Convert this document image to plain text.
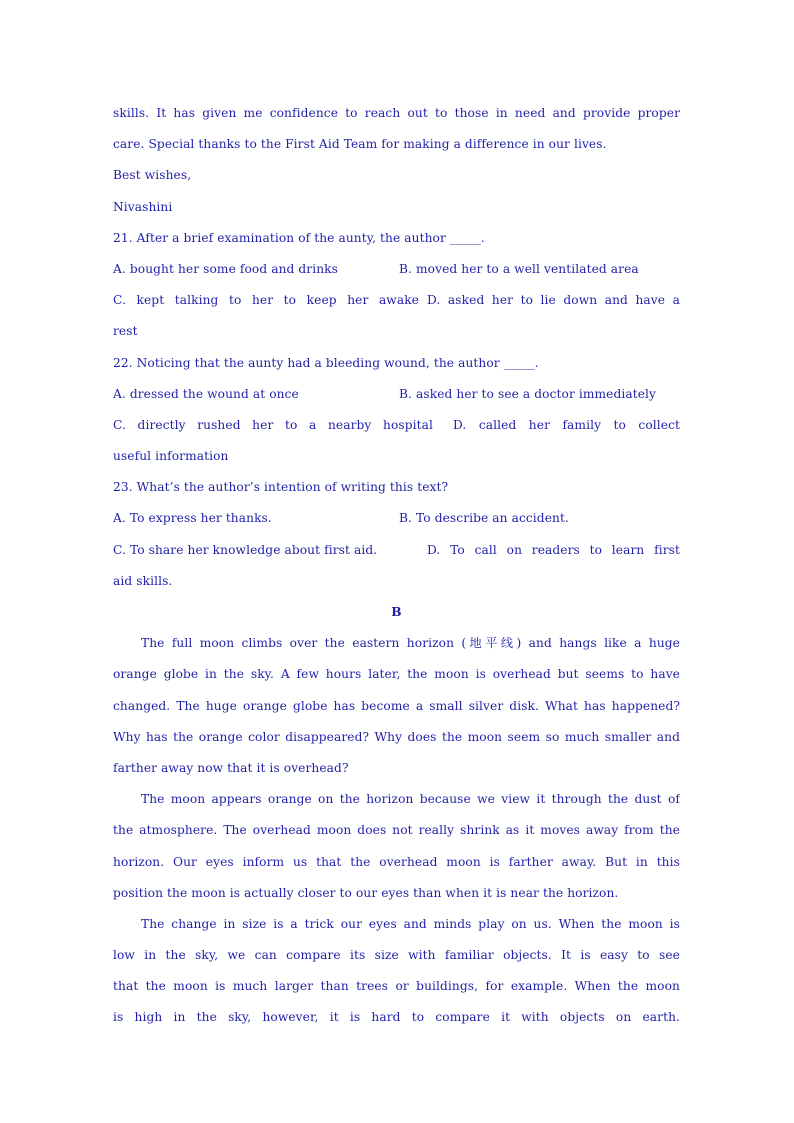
skills. It has given me confidence to reach out to those in need and provide proper
care. Special thanks to the First Aid Team for making a difference in our lives.
Best wishes,
Nivashini
21. After a brief examination of the aunty, the author _____.
A. bought her some food and drinks	B. moved her to a well ventilated area
C. kept talking to her to keep her awake D. asked her to lie down and have a
rest
22. Noticing that the aunty had a bleeding wound, the author _____.
A. dressed the wound at once	B. asked her to see a doctor immediately
C. directly rushed her to a nearby hospital D. called her family to collect
useful information
23. What’s the author’s intention of writing this text?
A. To express her thanks.	B. To describe an accident.
C. To share her knowledge about first aid.	D. To call on readers to learn first
aid skills.
B
The full moon climbs over the eastern horizon (地平线) and hangs like a huge
orange globe in the sky. A few hours later, the moon is overhead but seems to have
changed. The huge orange globe has become a small silver disk. What has happened?
Why has the orange color disappeared? Why does the moon seem so much smaller and
farther away now that it is overhead?
The moon appears orange on the horizon because we view it through the dust of
the atmosphere. The overhead moon does not really shrink as it moves away from the
horizon. Our eyes inform us that the overhead moon is farther away. But in this
position the moon is actually closer to our eyes than when it is near the horizon.
The change in size is a trick our eyes and minds play on us. When the moon is
low in the sky, we can compare its size with familiar objects. It is easy to see
that the moon is much larger than trees or buildings, for example. When the moon
is high in the sky, however, it is hard to compare it with objects on earth.
